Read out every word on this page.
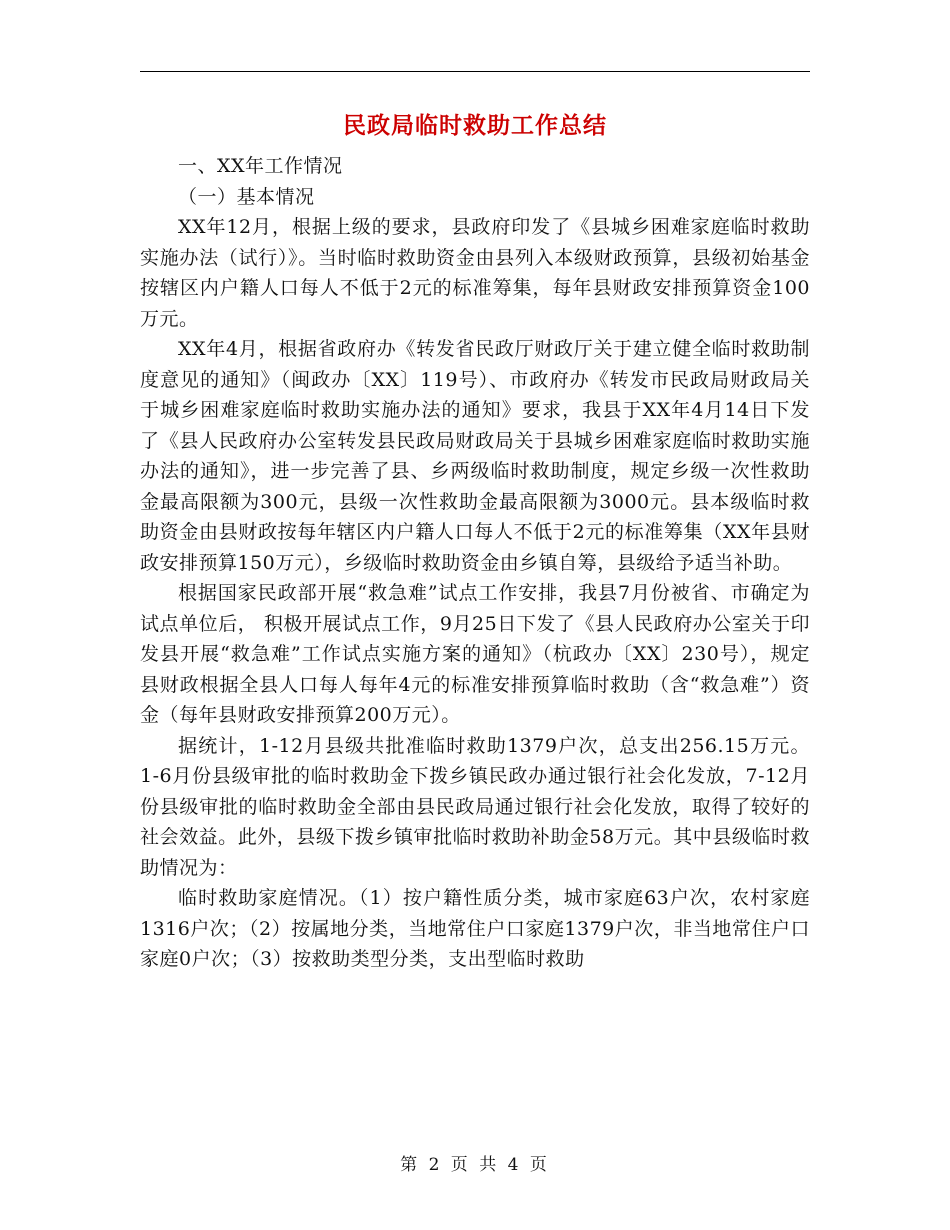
民政局临时救助工作总结

一、XX年工作情况

（一）基本情况

XX年12月，根据上级的要求，县政府印发了《县城乡困难家庭临时救助实施办法（试行）》。当时临时救助资金由县列入本级财政预算，县级初始基金按辖区内户籍人口每人不低于2元的标准筹集，每年县财政安排预算资金100万元。

XX年4月，根据省政府办《转发省民政厅财政厅关于建立健全临时救助制度意见的通知》（闽政办〔XX〕119号）、市政府办《转发市民政局财政局关于城乡困难家庭临时救助实施办法的通知》要求，我县于XX年4月14日下发了《县人民政府办公室转发县民政局财政局关于县城乡困难家庭临时救助实施办法的通知》，进一步完善了县、乡两级临时救助制度，规定乡级一次性救助金最高限额为300元，县级一次性救助金最高限额为3000元。县本级临时救助资金由县财政按每年辖区内户籍人口每人不低于2元的标准筹集（XX年县财政安排预算150万元），乡级临时救助资金由乡镇自筹，县级给予适当补助。

根据国家民政部开展“救急难”试点工作安排，我县7月份被省、市确定为试点单位后， 积极开展试点工作，9月25日下发了《县人民政府办公室关于印发县开展“救急难”工作试点实施方案的通知》（杭政办〔XX〕230号），规定县财政根据全县人口每人每年4元的标准安排预算临时救助（含“救急难”）资金（每年县财政安排预算200万元）。

据统计，1-12月县级共批准临时救助1379户次，总支出256.15万元。1-6月份县级审批的临时救助金下拨乡镇民政办通过银行社会化发放，7-12月份县级审批的临时救助金全部由县民政局通过银行社会化发放，取得了较好的社会效益。此外，县级下拨乡镇审批临时救助补助金58万元。其中县级临时救助情况为：

临时救助家庭情况。（1）按户籍性质分类，城市家庭63户次，农村家庭1316户次；（2）按属地分类，当地常住户口家庭1379户次，非当地常住户口家庭0户次；（3）按救助类型分类，支出型临时救助

第 2 页 共 4 页
